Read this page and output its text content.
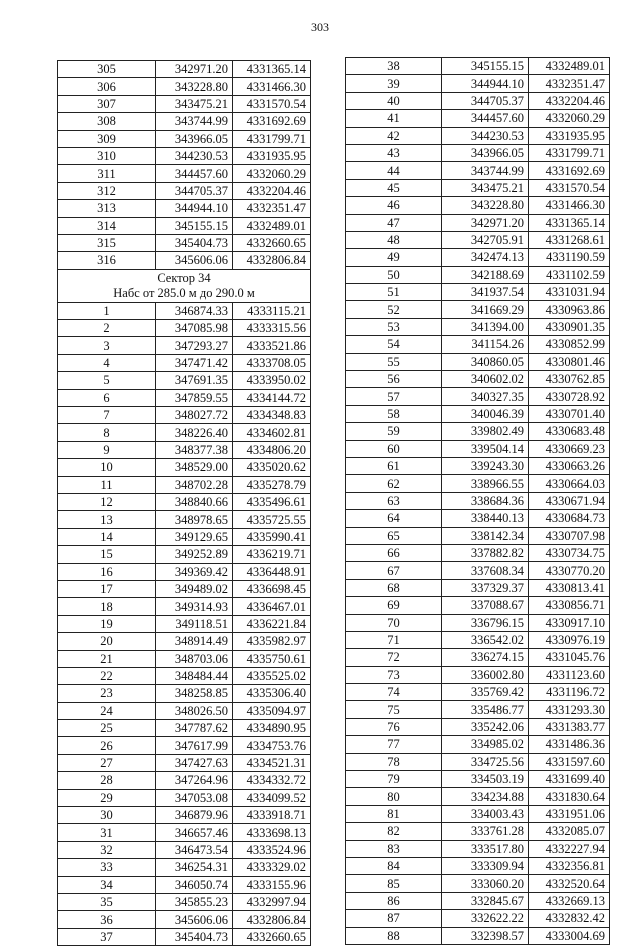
303
305	342971.20	4331365.14
306	343228.80	4331466.30
307	343475.21	4331570.54
308	343744.99	4331692.69
309	343966.05	4331799.71
310	344230.53	4331935.95
311	344457.60	4332060.29
312	344705.37	4332204.46
313	344944.10	4332351.47
314	345155.15	4332489.01
315	345404.73	4332660.65
316	345606.06	4332806.84
Сектор 34
Набс от 285.0 м до 290.0 м		
1	346874.33	4333115.21
2	347085.98	4333315.56
3	347293.27	4333521.86
4	347471.42	4333708.05
5	347691.35	4333950.02
6	347859.55	4334144.72
7	348027.72	4334348.83
8	348226.40	4334602.81
9	348377.38	4334806.20
10	348529.00	4335020.62
11	348702.28	4335278.79
12	348840.66	4335496.61
13	348978.65	4335725.55
14	349129.65	4335990.41
15	349252.89	4336219.71
16	349369.42	4336448.91
17	349489.02	4336698.45
18	349314.93	4336467.01
19	349118.51	4336221.84
20	348914.49	4335982.97
21	348703.06	4335750.61
22	348484.44	4335525.02
23	348258.85	4335306.40
24	348026.50	4335094.97
25	347787.62	4334890.95
26	347617.99	4334753.76
27	347427.63	4334521.31
28	347264.96	4334332.72
29	347053.08	4334099.52
30	346879.96	4333918.71
31	346657.46	4333698.13
32	346473.54	4333524.96
33	346254.31	4333329.02
34	346050.74	4333155.96
35	345855.23	4332997.94
36	345606.06	4332806.84
37	345404.73	4332660.65
38	345155.15	4332489.01
39	344944.10	4332351.47
40	344705.37	4332204.46
41	344457.60	4332060.29
42	344230.53	4331935.95
43	343966.05	4331799.71
44	343744.99	4331692.69
45	343475.21	4331570.54
46	343228.80	4331466.30
47	342971.20	4331365.14
48	342705.91	4331268.61
49	342474.13	4331190.59
50	342188.69	4331102.59
51	341937.54	4331031.94
52	341669.29	4330963.86
53	341394.00	4330901.35
54	341154.26	4330852.99
55	340860.05	4330801.46
56	340602.02	4330762.85
57	340327.35	4330728.92
58	340046.39	4330701.40
59	339802.49	4330683.48
60	339504.14	4330669.23
61	339243.30	4330663.26
62	338966.55	4330664.03
63	338684.36	4330671.94
64	338440.13	4330684.73
65	338142.34	4330707.98
66	337882.82	4330734.75
67	337608.34	4330770.20
68	337329.37	4330813.41
69	337088.67	4330856.71
70	336796.15	4330917.10
71	336542.02	4330976.19
72	336274.15	4331045.76
73	336002.80	4331123.60
74	335769.42	4331196.72
75	335486.77	4331293.30
76	335242.06	4331383.77
77	334985.02	4331486.36
78	334725.56	4331597.60
79	334503.19	4331699.40
80	334234.88	4331830.64
81	334003.43	4331951.06
82	333761.28	4332085.07
83	333517.80	4332227.94
84	333309.94	4332356.81
85	333060.20	4332520.64
86	332845.67	4332669.13
87	332622.22	4332832.42
88	332398.57	4333004.69
